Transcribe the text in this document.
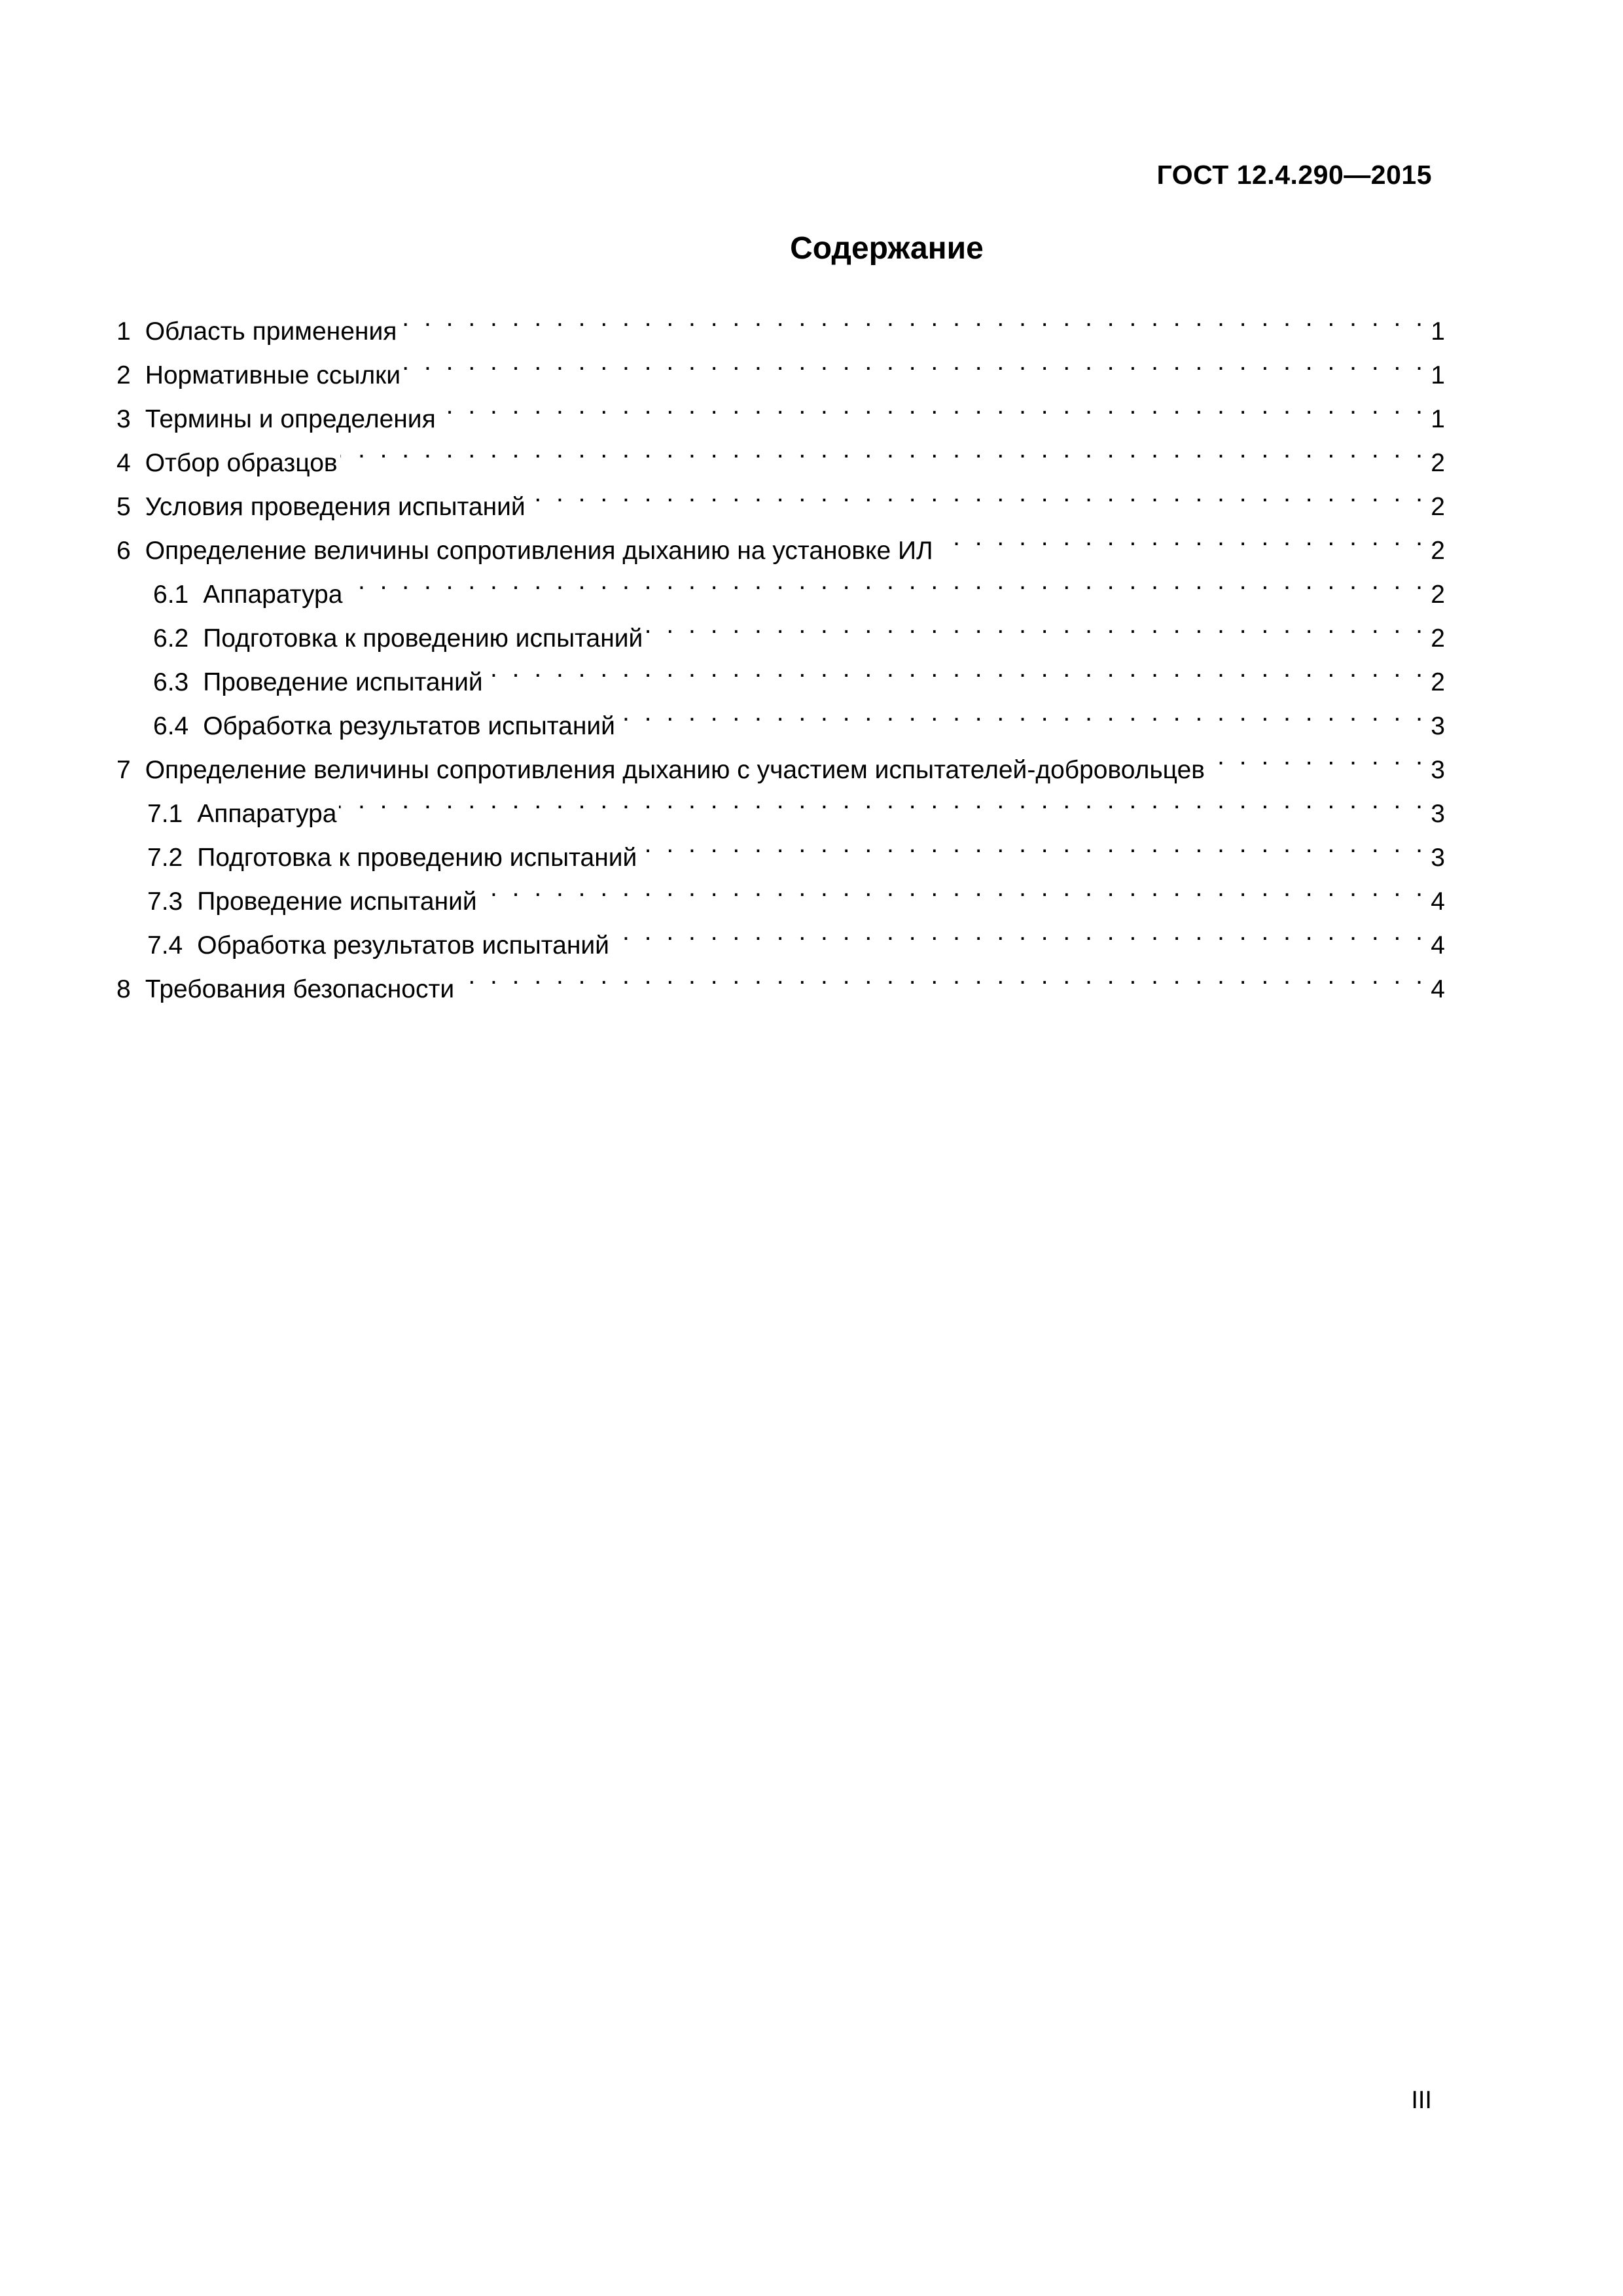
ГОСТ 12.4.290—2015
Содержание
1 Область применения . . .	1
2 Нормативные ссылки . . .	1
3 Термины и определения . . .	1
4 Отбор образцов . . .	2
5 Условия проведения испытаний . . .	2
6 Определение величины сопротивления дыханию на установке ИЛ . . .	2
6.1 Аппаратура . . .	2
6.2 Подготовка к проведению испытаний . . .	2
6.3 Проведение испытаний . . .	2
6.4 Обработка результатов испытаний . . .	3
7 Определение величины сопротивления дыханию с участием испытателей-добровольцев . . .	3
7.1 Аппаратура . . .	3
7.2 Подготовка к проведению испытаний . . .	3
7.3 Проведение испытаний . . .	4
7.4 Обработка результатов испытаний . . .	4
8 Требования безопасности . . .	4
III
